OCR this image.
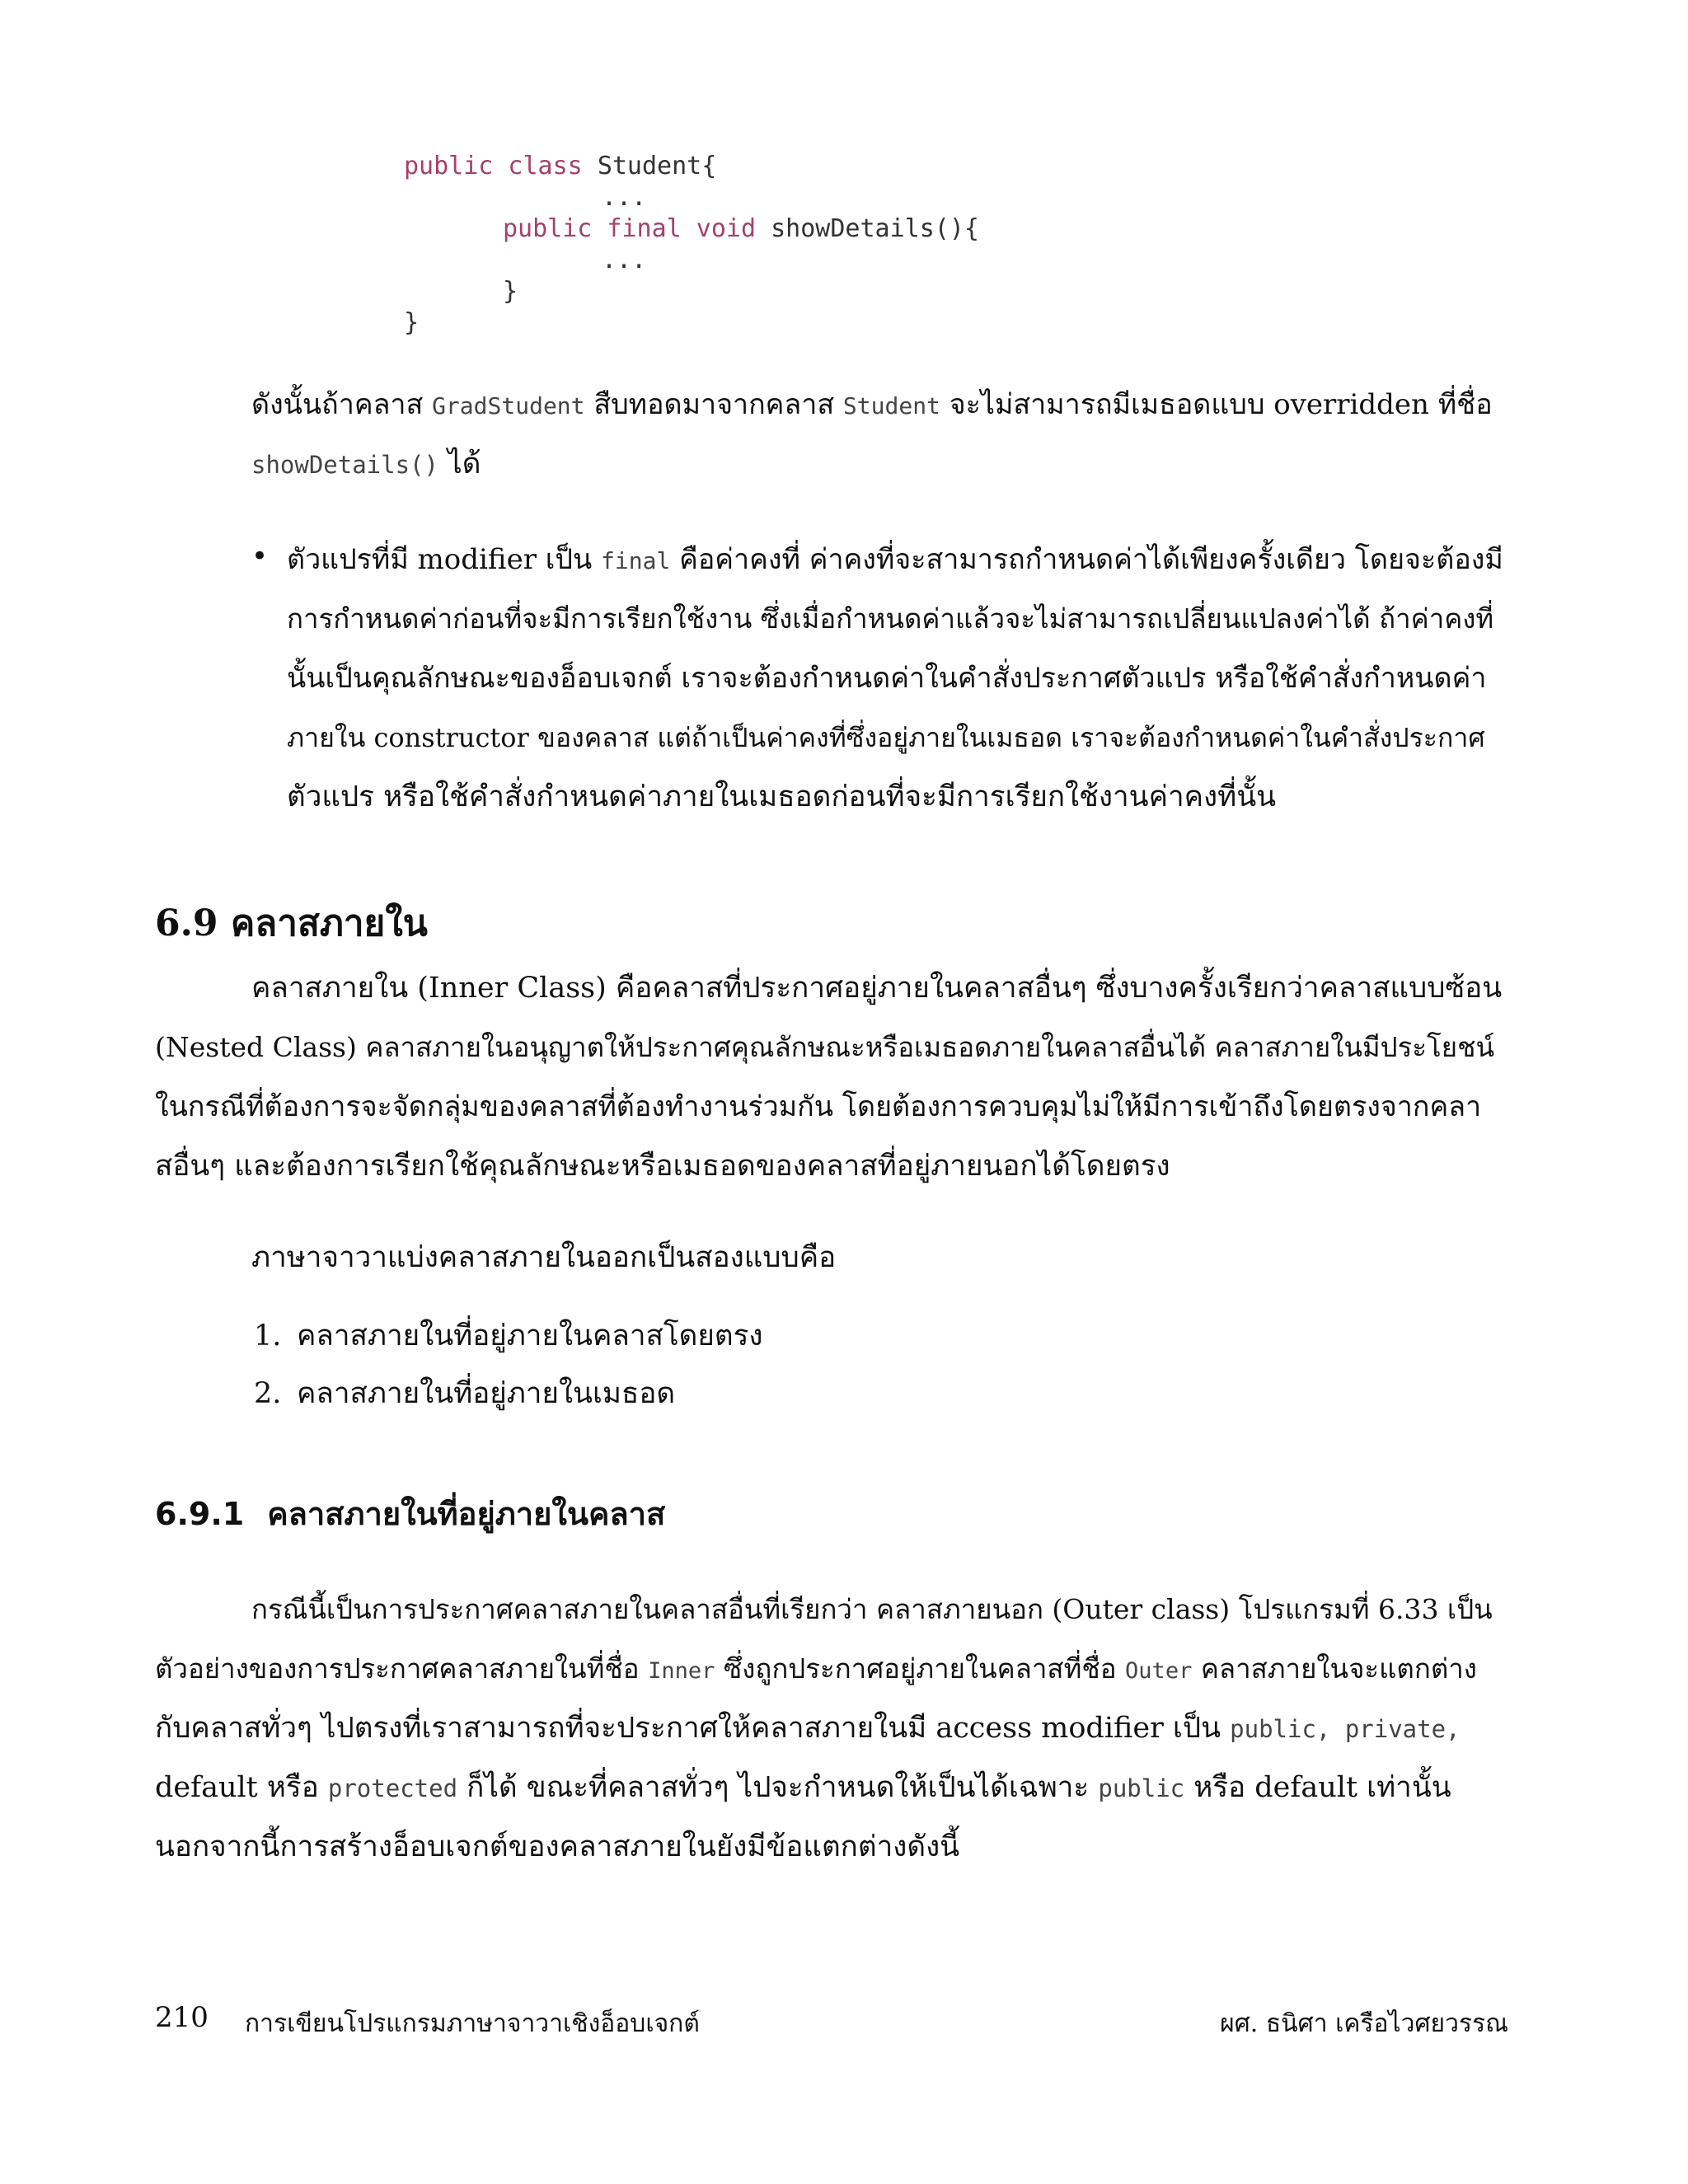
public class Student{
...
public final void showDetails(){
...
}
}
ดังนั้นถ้าคลาส GradStudent สืบทอดมาจากคลาส Student จะไม่สามารถมีเมธอดแบบ overridden ที่ชื่อ
showDetails() ได้
• ตัวแปรที่มี modifier เป็น final คือค่าคงที่ ค่าคงที่จะสามารถกำหนดค่าได้เพียงครั้งเดียว โดยจะต้องมี
การกำหนดค่าก่อนที่จะมีการเรียกใช้งาน ซึ่งเมื่อกำหนดค่าแล้วจะไม่สามารถเปลี่ยนแปลงค่าได้ ถ้าค่าคงที่
นั้นเป็นคุณลักษณะของอ็อบเจกต์ เราจะต้องกำหนดค่าในคำสั่งประกาศตัวแปร หรือใช้คำสั่งกำหนดค่า
ภายใน constructor ของคลาส แต่ถ้าเป็นค่าคงที่ซึ่งอยู่ภายในเมธอด เราจะต้องกำหนดค่าในคำสั่งประกาศ
ตัวแปร หรือใช้คำสั่งกำหนดค่าภายในเมธอดก่อนที่จะมีการเรียกใช้งานค่าคงที่นั้น
6.9 คลาสภายใน
คลาสภายใน (Inner Class) คือคลาสที่ประกาศอยู่ภายในคลาสอื่นๆ ซึ่งบางครั้งเรียกว่าคลาสแบบซ้อน
(Nested Class) คลาสภายในอนุญาตให้ประกาศคุณลักษณะหรือเมธอดภายในคลาสอื่นได้ คลาสภายในมีประโยชน์
ในกรณีที่ต้องการจะจัดกลุ่มของคลาสที่ต้องทำงานร่วมกัน โดยต้องการควบคุมไม่ให้มีการเข้าถึงโดยตรงจากคลา
สอื่นๆ และต้องการเรียกใช้คุณลักษณะหรือเมธอดของคลาสที่อยู่ภายนอกได้โดยตรง
ภาษาจาวาแบ่งคลาสภายในออกเป็นสองแบบคือ
1. คลาสภายในที่อยู่ภายในคลาสโดยตรง
2. คลาสภายในที่อยู่ภายในเมธอด
6.9.1 คลาสภายในที่อยู่ภายในคลาส
กรณีนี้เป็นการประกาศคลาสภายในคลาสอื่นที่เรียกว่า คลาสภายนอก (Outer class) โปรแกรมที่ 6.33 เป็น
ตัวอย่างของการประกาศคลาสภายในที่ชื่อ Inner ซึ่งถูกประกาศอยู่ภายในคลาสที่ชื่อ Outer คลาสภายในจะแตกต่าง
กับคลาสทั่วๆ ไปตรงที่เราสามารถที่จะประกาศให้คลาสภายในมี access modifier เป็น public, private,
default หรือ protected ก็ได้ ขณะที่คลาสทั่วๆ ไปจะกำหนดให้เป็นได้เฉพาะ public หรือ default เท่านั้น
นอกจากนี้การสร้างอ็อบเจกต์ของคลาสภายในยังมีข้อแตกต่างดังนี้
210 การเขียนโปรแกรมภาษาจาวาเชิงอ็อบเจกต์	ผศ. ธนิศา เครือไวศยวรรณ
